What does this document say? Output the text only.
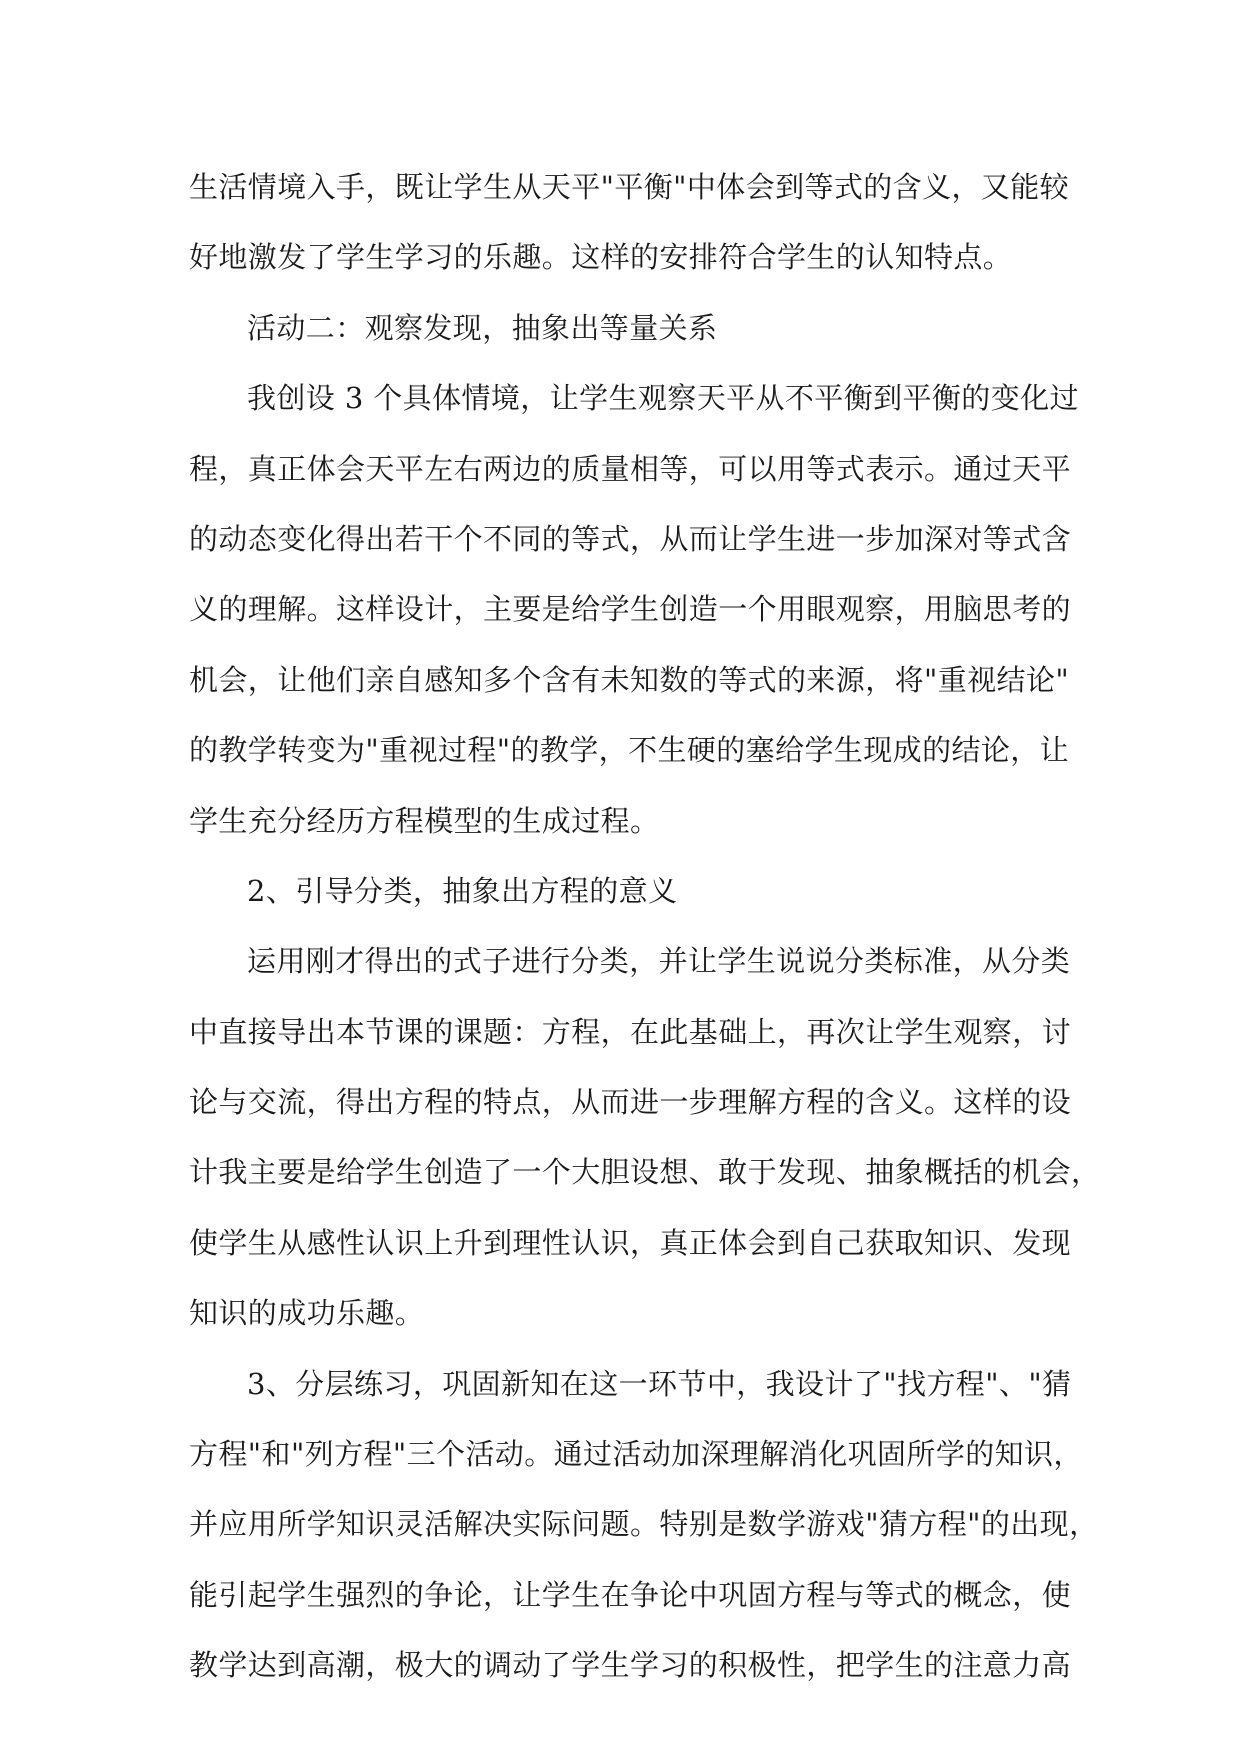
生活情境入手，既让学生从天平"平衡"中体会到等式的含义，又能较
好地激发了学生学习的乐趣。这样的安排符合学生的认知特点。
活动二：观察发现，抽象出等量关系
我创设 3 个具体情境，让学生观察天平从不平衡到平衡的变化过
程，真正体会天平左右两边的质量相等，可以用等式表示。通过天平
的动态变化得出若干个不同的等式，从而让学生进一步加深对等式含
义的理解。这样设计，主要是给学生创造一个用眼观察，用脑思考的
机会，让他们亲自感知多个含有未知数的等式的来源，将"重视结论"
的教学转变为"重视过程"的教学，不生硬的塞给学生现成的结论，让
学生充分经历方程模型的生成过程。
2、引导分类，抽象出方程的意义
运用刚才得出的式子进行分类，并让学生说说分类标准，从分类
中直接导出本节课的课题：方程，在此基础上，再次让学生观察，讨
论与交流，得出方程的特点，从而进一步理解方程的含义。这样的设
计我主要是给学生创造了一个大胆设想、敢于发现、抽象概括的机会，
使学生从感性认识上升到理性认识，真正体会到自己获取知识、发现
知识的成功乐趣。
3、分层练习，巩固新知在这一环节中，我设计了"找方程"、"猜
方程"和"列方程"三个活动。通过活动加深理解消化巩固所学的知识，
并应用所学知识灵活解决实际问题。特别是数学游戏"猜方程"的出现，
能引起学生强烈的争论，让学生在争论中巩固方程与等式的概念，使
教学达到高潮，极大的调动了学生学习的积极性，把学生的注意力高
